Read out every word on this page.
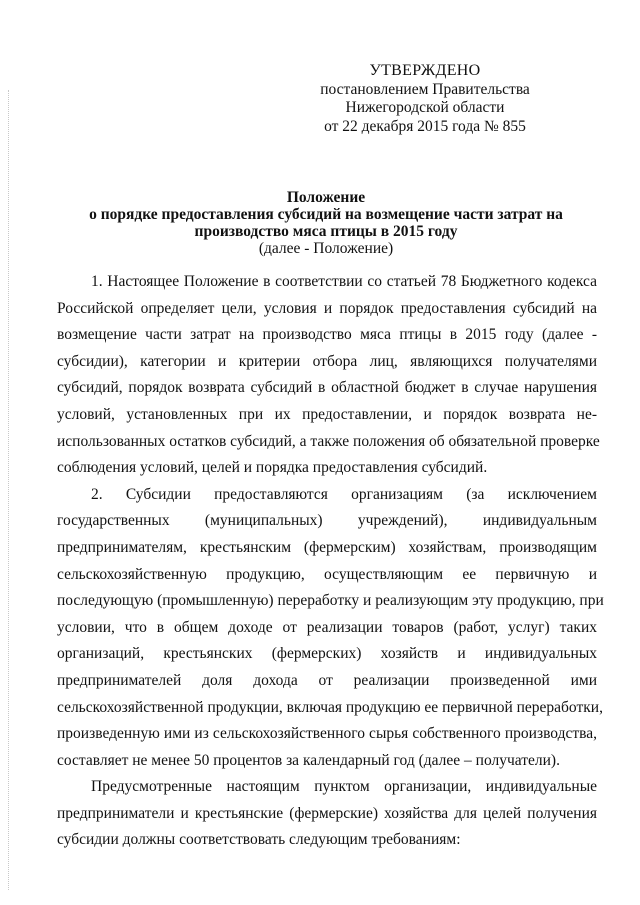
УТВЕРЖДЕНО
постановлением Правительства
Нижегородской области
от 22 декабря 2015 года № 855
Положение
о порядке предоставления субсидий на возмещение части затрат на
производство мяса птицы в 2015 году
(далее - Положение)
1. Настоящее Положение в соответствии со статьей 78 Бюджетного кодекса
Российской определяет цели, условия и порядок предоставления субсидий на
возмещение части затрат на производство мяса птицы в 2015 году (далее -
субсидии), категории и критерии отбора лиц, являющихся получателями
субсидий, порядок возврата субсидий в областной бюджет в случае нарушения
условий, установленных при их предоставлении, и порядок возврата не-
использованных остатков субсидий, а также положения об обязательной проверке
соблюдения условий, целей и порядка предоставления субсидий.
2. Субсидии предоставляются организациям (за исключением
государственных (муниципальных) учреждений), индивидуальным
предпринимателям, крестьянским (фермерским) хозяйствам, производящим
сельскохозяйственную продукцию, осуществляющим ее первичную и
последующую (промышленную) переработку и реализующим эту продукцию, при
условии, что в общем доходе от реализации товаров (работ, услуг) таких
организаций, крестьянских (фермерских) хозяйств и индивидуальных
предпринимателей доля дохода от реализации произведенной ими
сельскохозяйственной продукции, включая продукцию ее первичной переработки,
произведенную ими из сельскохозяйственного сырья собственного производства,
составляет не менее 50 процентов за календарный год (далее – получатели).
Предусмотренные настоящим пунктом организации, индивидуальные
предприниматели и крестьянские (фермерские) хозяйства для целей получения
субсидии должны соответствовать следующим требованиям:
